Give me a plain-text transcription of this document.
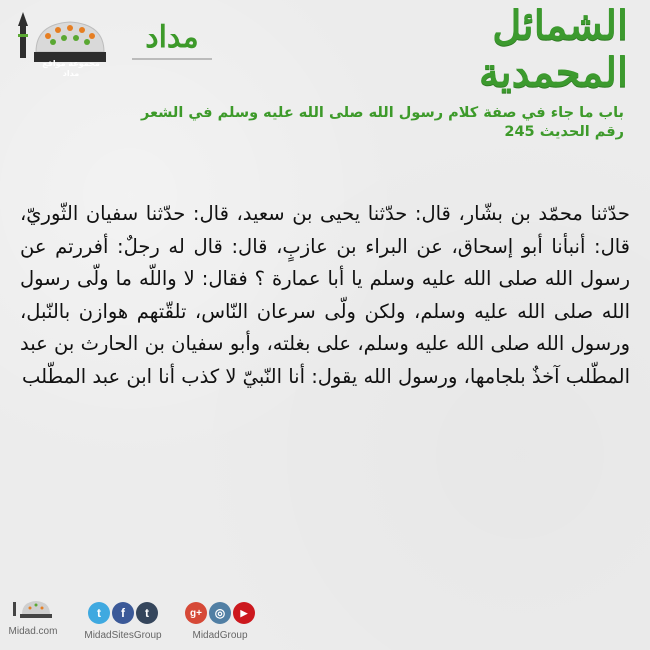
مجموعة مواقع مداد
مداد	الشمائل المحمدية
باب ما جاء في صفة كلام رسول الله صلى الله عليه وسلم في الشعر
رقم الحديث 245
حدّثنا محمّد بن بشّار، قال: حدّثنا يحيى بن سعيد، قال: حدّثنا سفيان الثّوريّ، قال: أنبأنا أبو إسحاق، عن البراء بن عازبٍ، قال: قال له رجلٌ: أفررتم عن رسول الله صلى الله عليه وسلم يا أبا عمارة ؟ فقال: لا واللّه ما ولّى رسول الله صلى الله عليه وسلم، ولكن ولّى سرعان النّاس، تلقّتهم هوازن بالنّبل، ورسول الله صلى الله عليه وسلم، على بغلته، وأبو سفيان بن الحارث بن عبد المطّلب آخذٌ بلجامها، ورسول الله يقول: أنا النّبيّ لا كذب أنا ابن عبد المطّلب
Midad.com
t	f	t
MidadSitesGroup
g+	◎	▶
MidadGroup
